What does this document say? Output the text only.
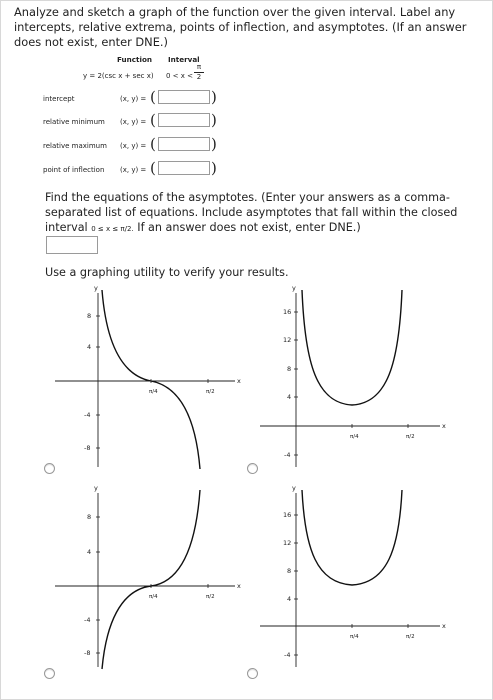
Analyze and sketch a graph of the function over the given interval. Label any intercepts, relative extrema, points of inflection, and asymptotes. (If an answer does not exist, enter DNE.)
Function Interval
y = 2(csc x + sec x) $0 < x < \frac{\pi}{2}$
intercept	(x, y) = (	)
relative minimum (x, y) = (	)
relative maximum (x, y) = (	)
point of inflection (x, y) = (	)
Find the equations of the asymptotes. (Enter your answers as a comma-separated list of equations. Include asymptotes that fall within the closed interval 0 ≤ x ≤ π/2. If an answer does not exist, enter DNE.)
Use a graphing utility to verify your results.
y
x
8
4
-4
-8
π/4	π/2
y
x
16
12
8
4
-4
π/4	π/2
y
x
8
4
-4
-8
π/4	π/2
y
x
16
12
8
4
-4
π/4	π/2
